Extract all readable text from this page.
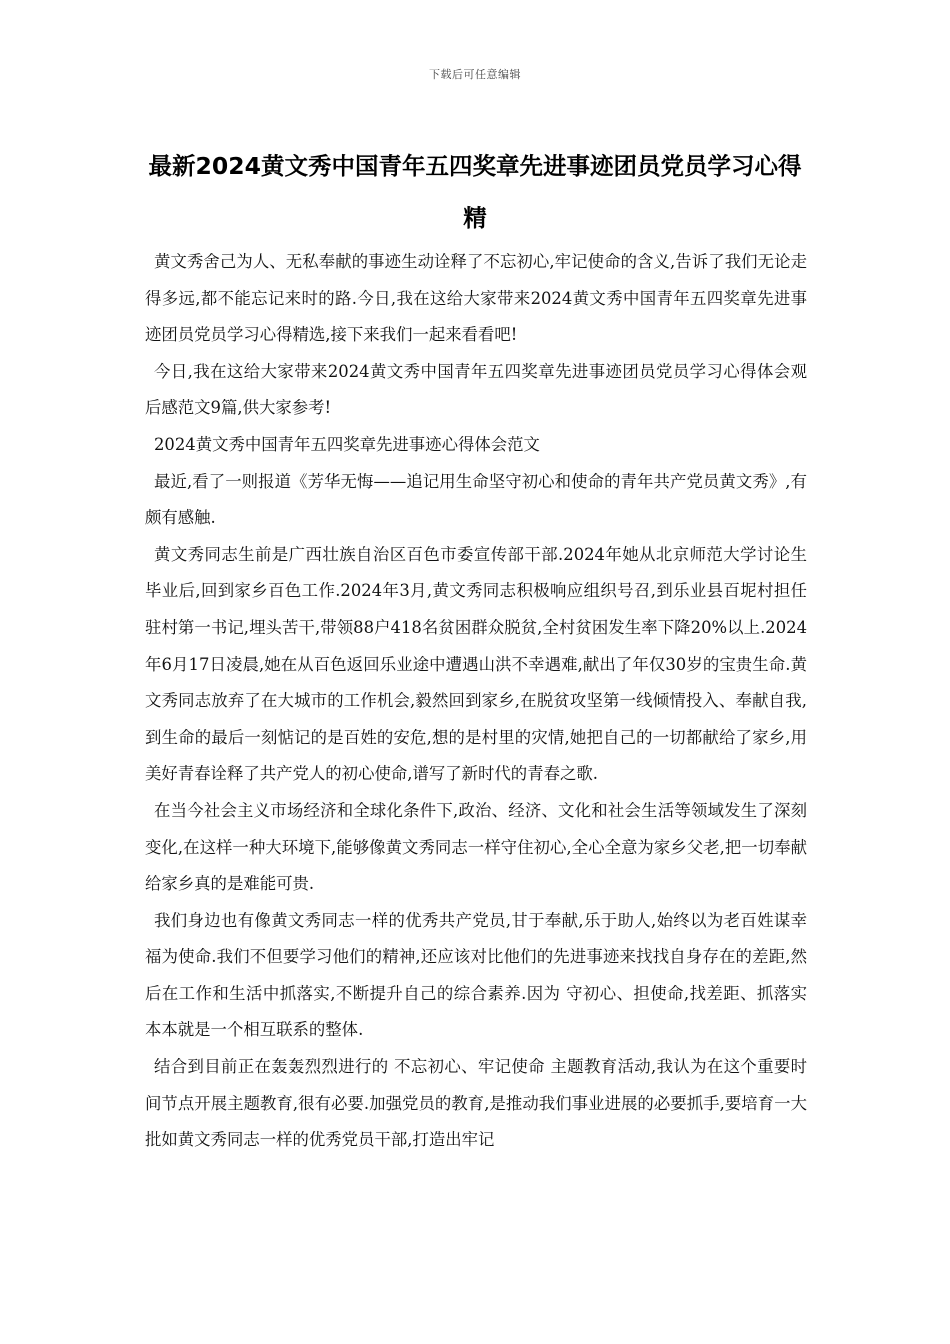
下载后可任意编辑
最新2024黄文秀中国青年五四奖章先进事迹团员党员学习心得精

黄文秀舍己为人、无私奉献的事迹生动诠释了不忘初心,牢记使命的含义,告诉了我们无论走得多远,都不能忘记来时的路.今日,我在这给大家带来2024黄文秀中国青年五四奖章先进事迹团员党员学习心得精选,接下来我们一起来看看吧!

今日,我在这给大家带来2024黄文秀中国青年五四奖章先进事迹团员党员学习心得体会观后感范文9篇,供大家参考!

2024黄文秀中国青年五四奖章先进事迹心得体会范文

最近,看了一则报道《芳华无悔——追记用生命坚守初心和使命的青年共产党员黄文秀》,有颇有感触.

黄文秀同志生前是广西壮族自治区百色市委宣传部干部.2024年她从北京师范大学讨论生毕业后,回到家乡百色工作.2024年3月,黄文秀同志积极响应组织号召,到乐业县百坭村担任驻村第一书记,埋头苦干,带领88户418名贫困群众脱贫,全村贫困发生率下降20%以上.2024年6月17日凌晨,她在从百色返回乐业途中遭遇山洪不幸遇难,献出了年仅30岁的宝贵生命.黄文秀同志放弃了在大城市的工作机会,毅然回到家乡,在脱贫攻坚第一线倾情投入、奉献自我,到生命的最后一刻惦记的是百姓的安危,想的是村里的灾情,她把自己的一切都献给了家乡,用美好青春诠释了共产党人的初心使命,谱写了新时代的青春之歌.

在当今社会主义市场经济和全球化条件下,政治、经济、文化和社会生活等领域发生了深刻变化,在这样一种大环境下,能够像黄文秀同志一样守住初心,全心全意为家乡父老,把一切奉献给家乡真的是难能可贵.

我们身边也有像黄文秀同志一样的优秀共产党员,甘于奉献,乐于助人,始终以为老百姓谋幸福为使命.我们不但要学习他们的精神,还应该对比他们的先进事迹来找找自身存在的差距,然后在工作和生活中抓落实,不断提升自己的综合素养.因为 守初心、担使命,找差距、抓落实 本本就是一个相互联系的整体.

结合到目前正在轰轰烈烈进行的 不忘初心、牢记使命 主题教育活动,我认为在这个重要时间节点开展主题教育,很有必要.加强党员的教育,是推动我们事业进展的必要抓手,要培育一大批如黄文秀同志一样的优秀党员干部,打造出牢记
